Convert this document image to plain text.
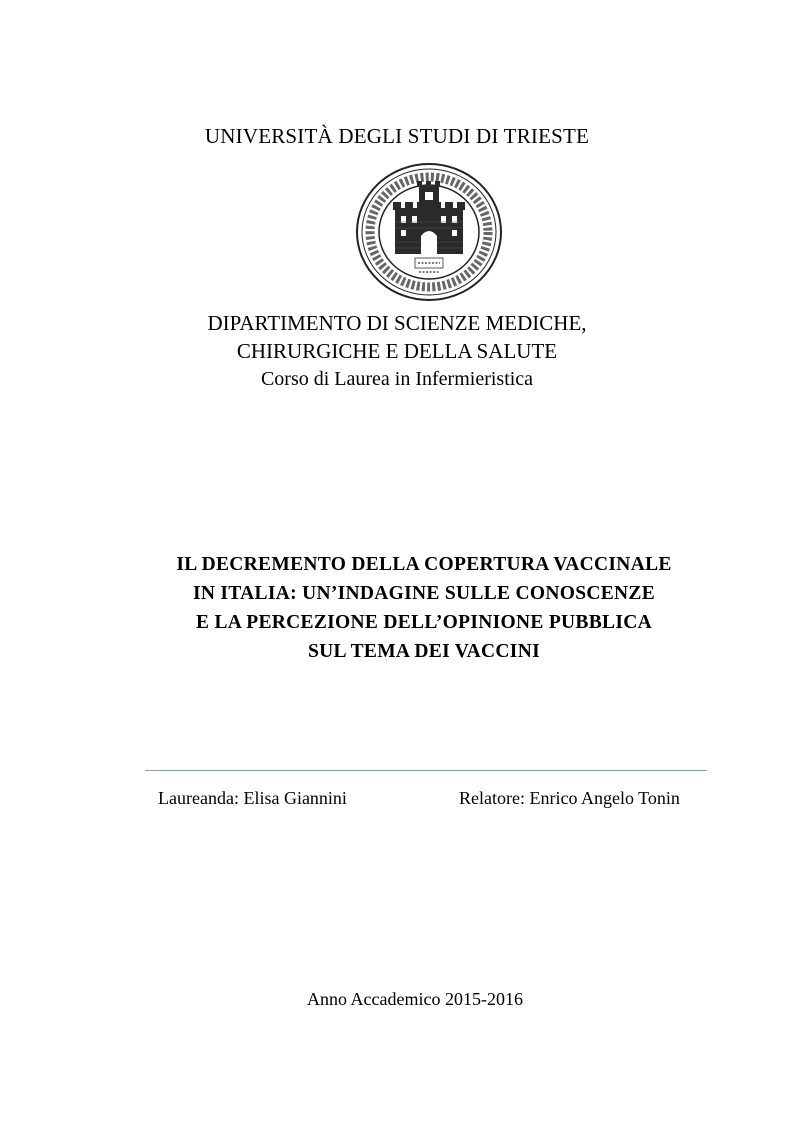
UNIVERSITÀ DEGLI STUDI DI TRIESTE
DIPARTIMENTO DI SCIENZE MEDICHE,
CHIRURGICHE E DELLA SALUTE
Corso di Laurea in Infermieristica
IL DECREMENTO DELLA COPERTURA VACCINALE
IN ITALIA: UN’INDAGINE SULLE CONOSCENZE
E LA PERCEZIONE DELL’OPINIONE PUBBLICA
SUL TEMA DEI VACCINI
Laureanda: Elisa Giannini	Relatore: Enrico Angelo Tonin
Anno Accademico 2015-2016
